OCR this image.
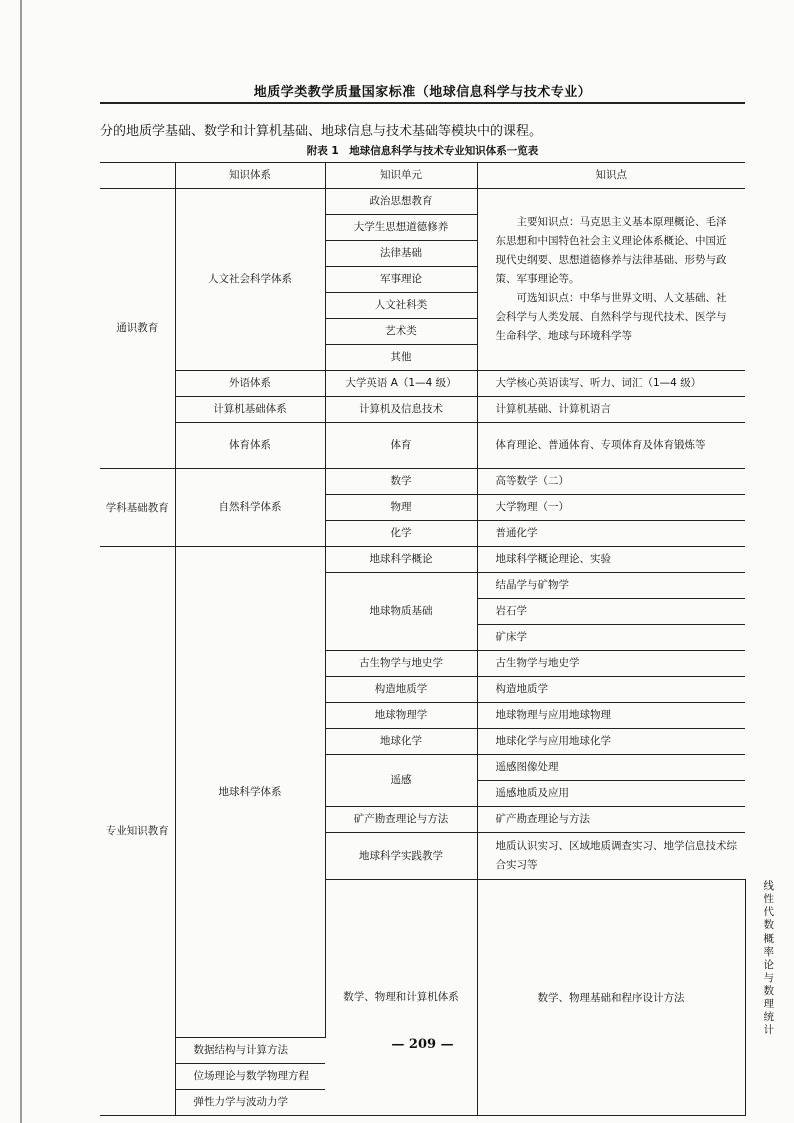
地质学类教学质量国家标准（地球信息科学与技术专业）
分的地质学基础、数学和计算机基础、地球信息与技术基础等模块中的课程。
附表 1　地球信息科学与技术专业知识体系一览表
	知识体系	知识单元	知识点	
通识教育	人文社会科学体系	政治思想教育	主要知识点：马克思主义基本原理概论、毛泽东思想和中国特色社会主义理论体系概论、中国近现代史纲要、思想道德修养与法律基础、形势与政策、军事理论等。

可选知识点：中华与世界文明、人文基础、社会科学与人类发展、自然科学与现代技术、医学与生命科学、地球与环境科学等	

		大学生思想道德修养		
		法律基础		
		军事理论		
		人文社科类		
		艺术类		
		其他		
	外语体系	大学英语 A（1—4 级）	大学核心英语读写、听力、词汇（1—4 级）	
	计算机基础体系	计算机及信息技术	计算机基础、计算机语言	
	体育体系	体育	体育理论、普通体育、专项体育及体育锻炼等	
学科基础教育	自然科学体系	数学	高等数学（二）	
		物理	大学物理（一）	
		化学	普通化学	
专业知识教育	地球科学体系	地球科学概论	地球科学概论理论、实验	
		地球物质基础	结晶学与矿物学	
			岩石学	
			矿床学	
		古生物学与地史学	古生物学与地史学	
		构造地质学	构造地质学	
		地球物理学	地球物理与应用地球物理	
		地球化学	地球化学与应用地球化学	
		遥感	遥感图像处理	
			遥感地质及应用	
		矿产勘查理论与方法	矿产勘查理论与方法	
		地球科学实践教学	地质认识实习、区域地质调查实习、地学信息技术综合实习等	
		数学、物理和计算机体系	数学、物理基础和程序设计方法	线性代数
				概率论与数理统计
	数据结构与计算方法			
	位场理论与数学物理方程			
	弹性力学与波动力学			
— 209 —
